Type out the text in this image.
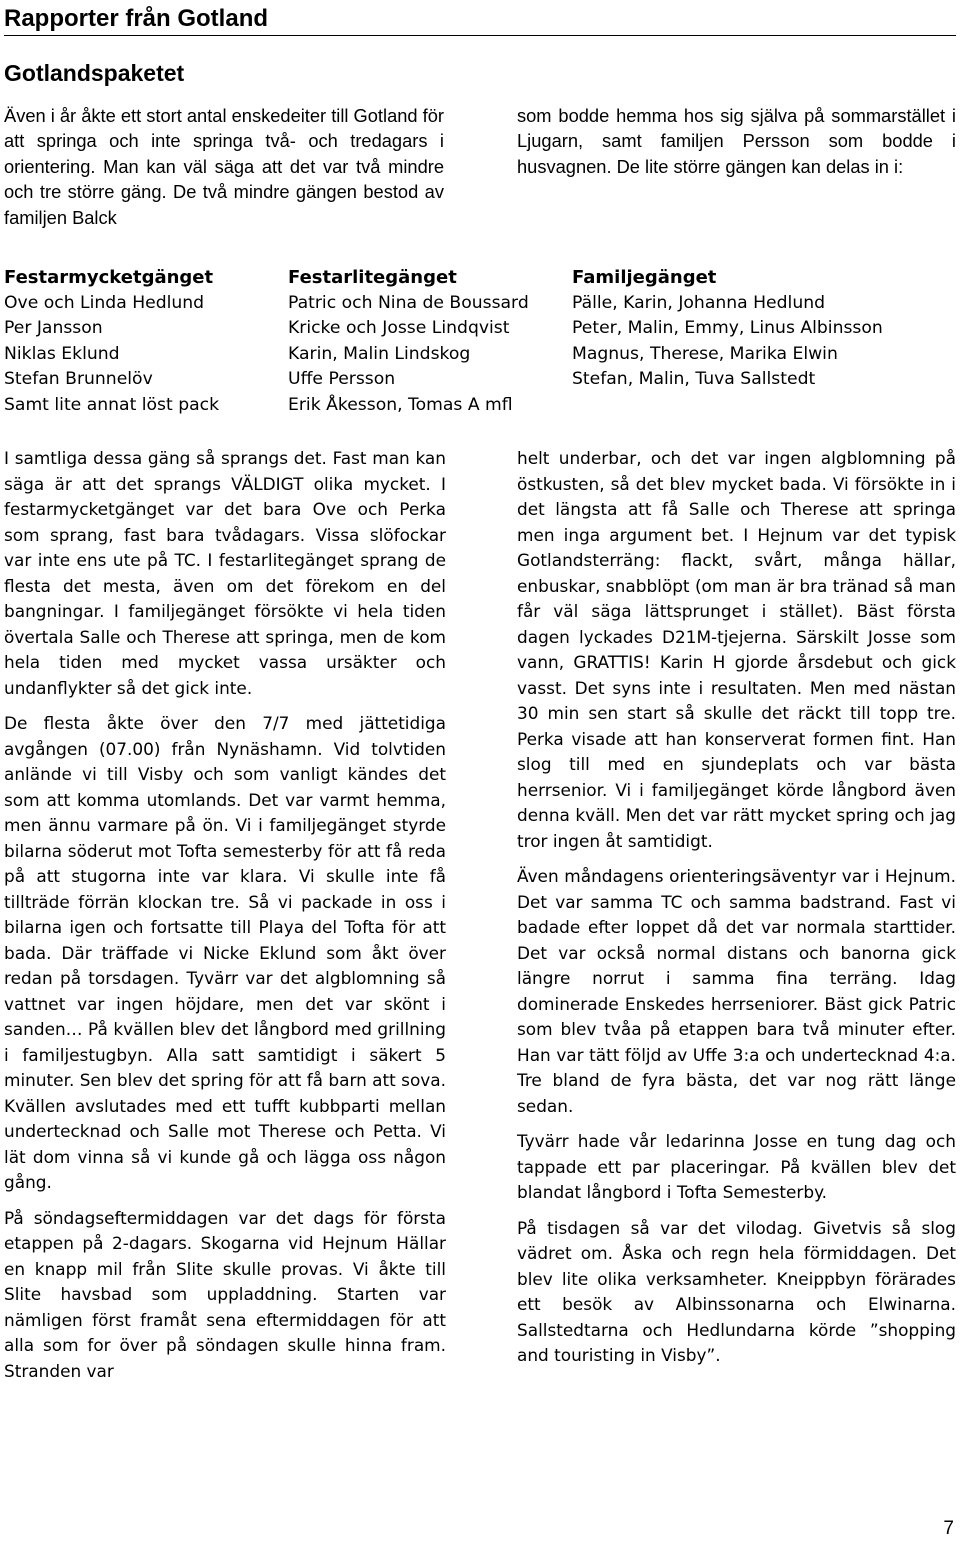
Rapporter från Gotland
Gotlandspaketet

Även i år åkte ett stort antal enskedeiter till Gotland för att springa och inte springa två- och tredagars i orientering. Man kan väl säga att det var två mindre och tre större gäng. De två mindre gängen bestod av familjen Balck

som bodde hemma hos sig själva på sommarstället i Ljugarn, samt familjen Persson som bodde i husvagnen. De lite större gängen kan delas in i:

Festarmycketgänget
Ove och Linda Hedlund
Per Jansson
Niklas Eklund
Stefan Brunnelöv
Samt lite annat löst pack
Festarlitegänget
Patric och Nina de Boussard
Kricke och Josse Lindqvist
Karin, Malin Lindskog
Uffe Persson
Erik Åkesson, Tomas A mfl
Familjegänget
Pälle, Karin, Johanna Hedlund
Peter, Malin, Emmy, Linus Albinsson
Magnus, Therese, Marika Elwin
Stefan, Malin, Tuva Sallstedt

I samtliga dessa gäng så sprangs det. Fast man kan säga är att det sprangs VÄLDIGT olika mycket. I festarmycketgänget var det bara Ove och Perka som sprang, fast bara tvådagars. Vissa slöfockar var inte ens ute på TC. I festarlitegänget sprang de flesta det mesta, även om det förekom en del bangningar. I familjegänget försökte vi hela tiden övertala Salle och Therese att springa, men de kom hela tiden med mycket vassa ursäkter och undanflykter så det gick inte.

De flesta åkte över den 7/7 med jättetidiga avgången (07.00) från Nynäshamn. Vid tolvtiden anlände vi till Visby och som vanligt kändes det som att komma utomlands. Det var varmt hemma, men ännu varmare på ön. Vi i familjegänget styrde bilarna söderut mot Tofta semesterby för att få reda på att stugorna inte var klara. Vi skulle inte få tillträde förrän klockan tre. Så vi packade in oss i bilarna igen och fortsatte till Playa del Tofta för att bada. Där träffade vi Nicke Eklund som åkt över redan på torsdagen. Tyvärr var det algblomning så vattnet var ingen höjdare, men det var skönt i sanden… På kvällen blev det långbord med grillning i familjestugbyn. Alla satt samtidigt i säkert 5 minuter. Sen blev det spring för att få barn att sova. Kvällen avslutades med ett tufft kubbparti mellan undertecknad och Salle mot Therese och Petta. Vi lät dom vinna så vi kunde gå och lägga oss någon gång.

På söndagseftermiddagen var det dags för första etappen på 2-dagars. Skogarna vid Hejnum Hällar en knapp mil från Slite skulle provas. Vi åkte till Slite havsbad som uppladdning. Starten var nämligen först framåt sena eftermiddagen för att alla som for över på söndagen skulle hinna fram. Stranden var

helt underbar, och det var ingen algblomning på östkusten, så det blev mycket bada. Vi försökte in i det längsta att få Salle och Therese att springa men inga argument bet. I Hejnum var det typisk Gotlandsterräng: flackt, svårt, många hällar, enbuskar, snabblöpt (om man är bra tränad så man får väl säga lättsprunget i stället). Bäst första dagen lyckades D21M-tjejerna. Särskilt Josse som vann, GRATTIS! Karin H gjorde årsdebut och gick vasst. Det syns inte i resultaten. Men med nästan 30 min sen start så skulle det räckt till topp tre. Perka visade att han konserverat formen fint. Han slog till med en sjundeplats och var bästa herrsenior. Vi i familjegänget körde långbord även denna kväll. Men det var rätt mycket spring och jag tror ingen åt samtidigt.

Även måndagens orienteringsäventyr var i Hejnum. Det var samma TC och samma badstrand. Fast vi badade efter loppet då det var normala starttider. Det var också normal distans och banorna gick längre norrut i samma fina terräng. Idag dominerade Enskedes herrseniorer. Bäst gick Patric som blev tvåa på etappen bara två minuter efter. Han var tätt följd av Uffe 3:a och undertecknad 4:a. Tre bland de fyra bästa, det var nog rätt länge sedan.

Tyvärr hade vår ledarinna Josse en tung dag och tappade ett par placeringar. På kvällen blev det blandat långbord i Tofta Semesterby.

På tisdagen så var det vilodag. Givetvis så slog vädret om. Åska och regn hela förmiddagen. Det blev lite olika verksamheter. Kneippbyn förärades ett besök av Albinssonarna och Elwinarna. Sallstedtarna och Hedlundarna körde ”shopping and touristing in Visby”.

7
